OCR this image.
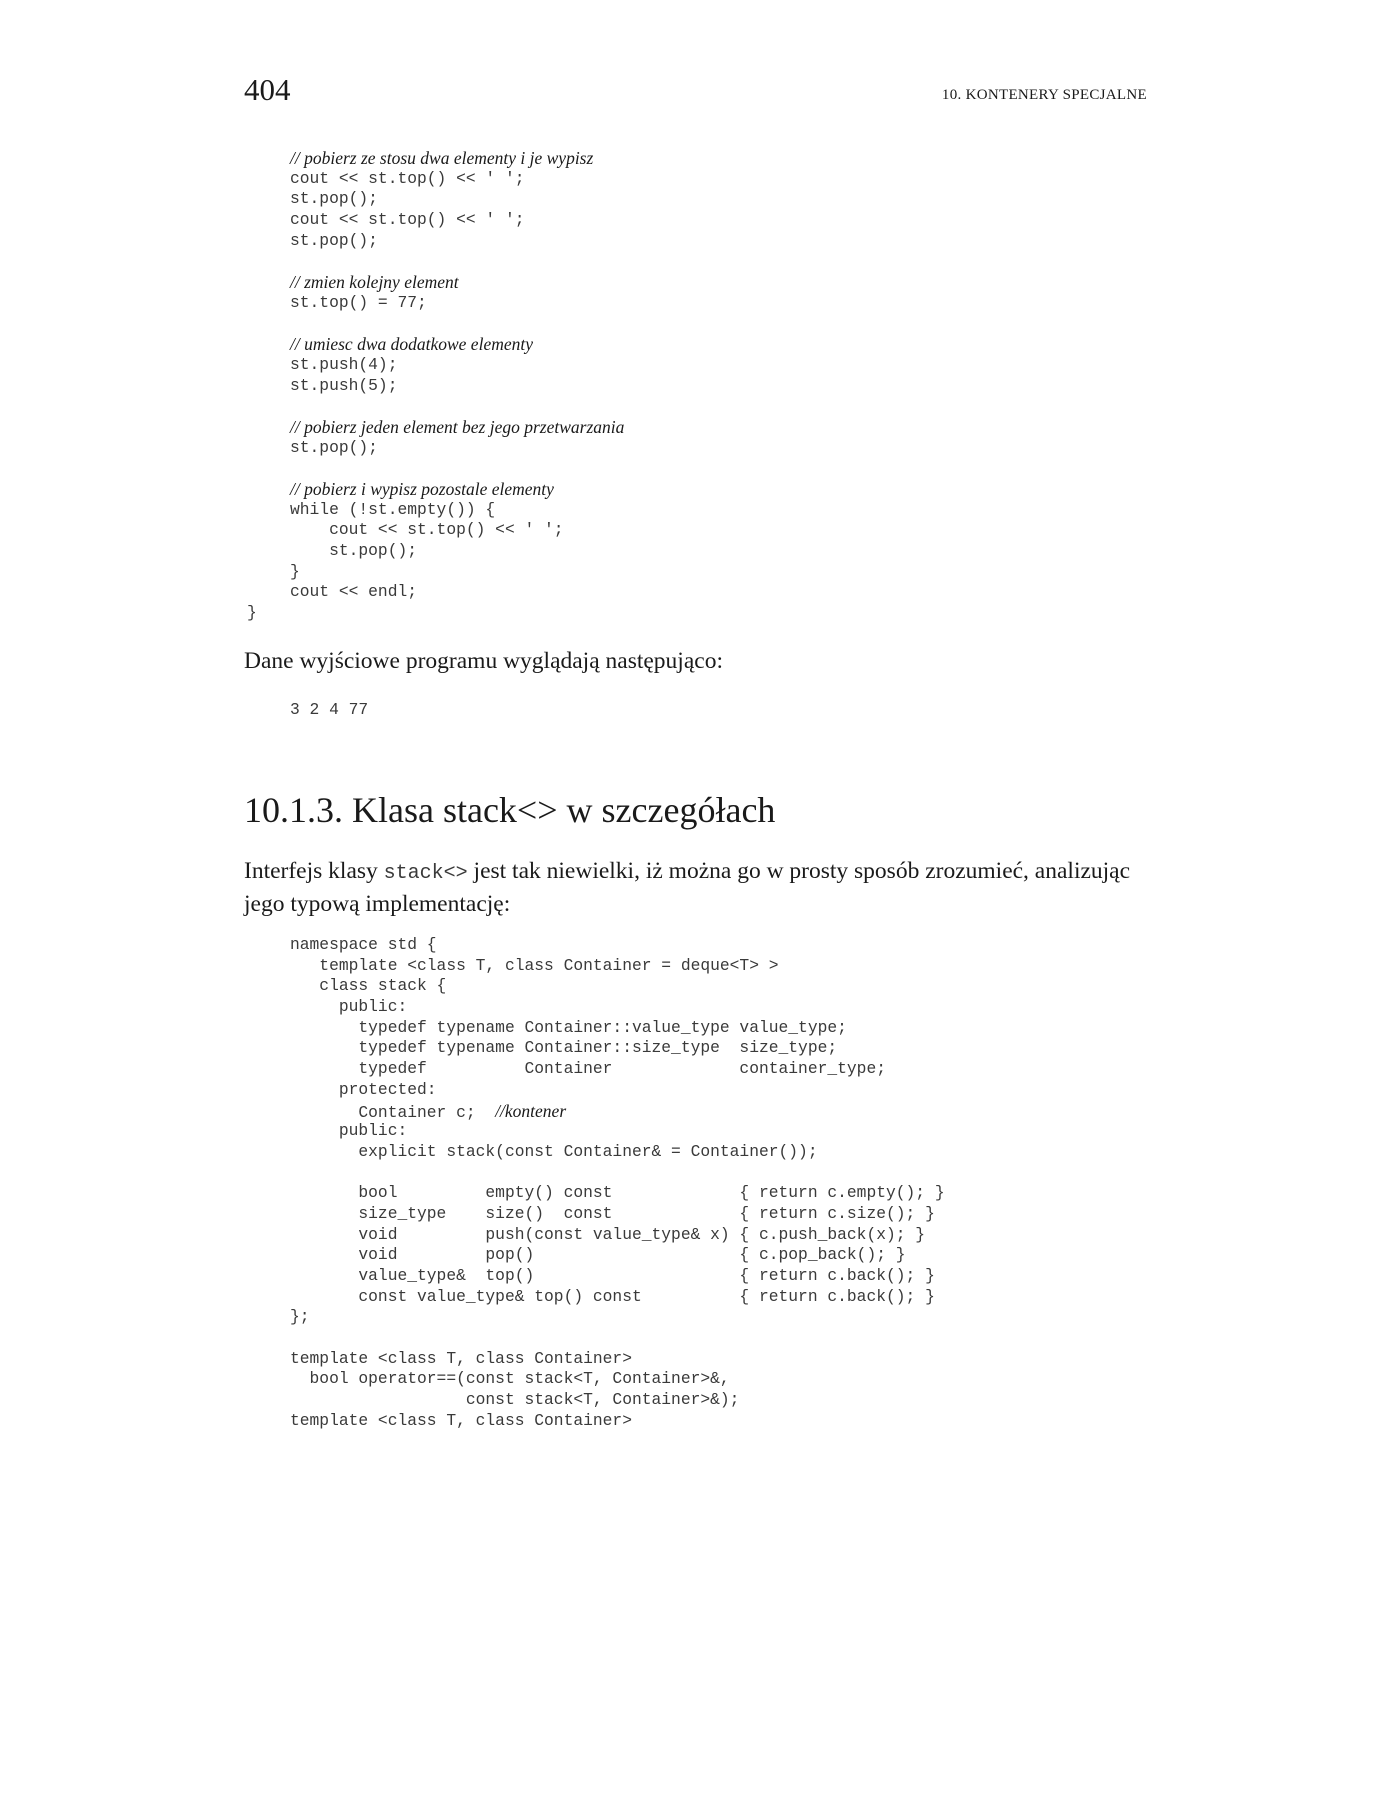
404	10. KONTENERY SPECJALNE
// pobierz ze stosu dwa elementy i je wypisz
cout << st.top() << ' ';
st.pop();
cout << st.top() << ' ';
st.pop();
// zmien kolejny element
st.top() = 77;
// umiesc dwa dodatkowe elementy
st.push(4);
st.push(5);
// pobierz jeden element bez jego przetwarzania
st.pop();
// pobierz i wypisz pozostale elementy
while (!st.empty()) {
cout << st.top() << ' ';
st.pop();
}
cout << endl;
}

Dane wyjściowe programu wyglądają następująco:

3 2 4 77
10.1.3. Klasa stack<> w szczegółach

Interfejs klasy stack<> jest tak niewielki, iż można go w prosty sposób zrozumieć, analizując jego typową implementację:

namespace std {
template <class T, class Container = deque<T> >
class stack {
public:
typedef typename Container::value_type value_type;
typedef typename Container::size_type  size_type;
typedef          Container             container_type;
protected:
Container c;  //kontener
public:
explicit stack(const Container& = Container());
bool         empty() const             { return c.empty(); }
size_type    size()  const             { return c.size(); }
void         push(const value_type& x) { c.push_back(x); }
void         pop()                     { c.pop_back(); }
value_type&  top()                     { return c.back(); }
const value_type& top() const          { return c.back(); }
};
template <class T, class Container>
bool operator==(const stack<T, Container>&,
const stack<T, Container>&);
template <class T, class Container>
